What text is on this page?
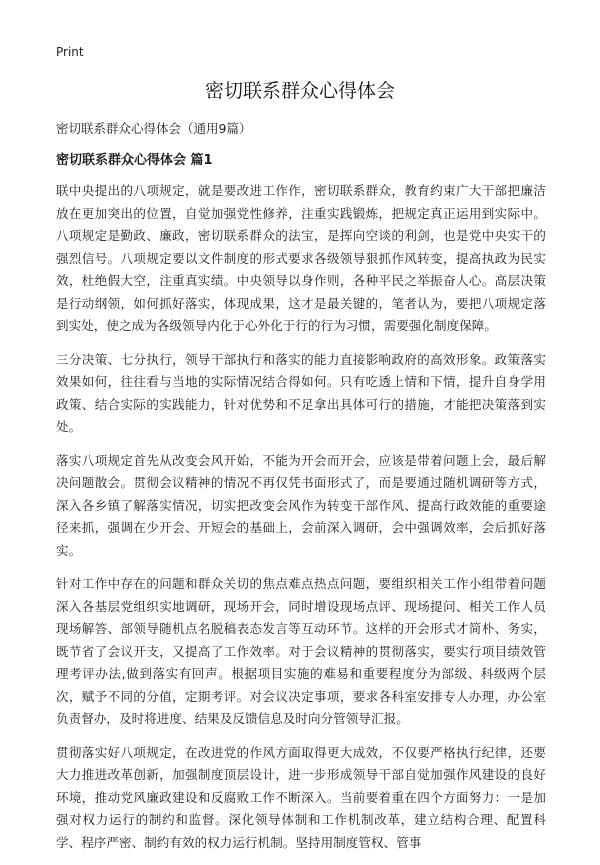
Print
密切联系群众心得体会

密切联系群众心得体会（通用9篇）

密切联系群众心得体会 篇1

联中央提出的八项规定，就是要改进工作作，密切联系群众，教育约束广大干部把廉洁放在更加突出的位置，自觉加强党性修养，注重实践锻炼，把规定真正运用到实际中。八项规定是勤政、廉政，密切联系群众的法宝，是挥向空谈的利剑，也是党中央实干的强烈信号。八项规定要以文件制度的形式要求各级领导狠抓作风转变，提高执政为民实效，杜绝假大空，注重真实绩。中央领导以身作则，各种平民之举振奋人心。高层决策是行动纲领，如何抓好落实，体现成果，这才是最关键的，笔者认为，要把八项规定落到实处，使之成为各级领导内化于心外化于行的行为习惯，需要强化制度保障。

三分决策、七分执行，领导干部执行和落实的能力直接影响政府的高效形象。政策落实效果如何，往往看与当地的实际情况结合得如何。只有吃透上情和下情，提升自身学用政策、结合实际的实践能力，针对优势和不足拿出具体可行的措施，才能把决策落到实处。

落实八项规定首先从改变会风开始，不能为开会而开会，应该是带着问题上会，最后解决问题散会。贯彻会议精神的情况不再仅凭书面形式了，而是要通过随机调研等方式，深入各乡镇了解落实情况，切实把改变会风作为转变干部作风、提高行政效能的重要途径来抓，强调在少开会、开短会的基础上，会前深入调研，会中强调效率，会后抓好落实。

针对工作中存在的问题和群众关切的焦点难点热点问题，要组织相关工作小组带着问题深入各基层党组织实地调研，现场开会，同时增设现场点评、现场提问、相关工作人员现场解答、部领导随机点名脱稿表态发言等互动环节。这样的开会形式才简朴、务实，既节省了会议开支，又提高了工作效率。对于会议精神的贯彻落实，要实行项目绩效管理考评办法,做到落实有回声。根据项目实施的难易和重要程度分为部级、科级两个层次，赋予不同的分值，定期考评。对会议决定事项，要求各科室安排专人办理，办公室负责督办，及时将进度、结果及反馈信息及时向分管领导汇报。

贯彻落实好八项规定，在改进党的作风方面取得更大成效，不仅要严格执行纪律，还要大力推进改革创新，加强制度顶层设计，进一步形成领导干部自觉加强作风建设的良好环境，推动党风廉政建设和反腐败工作不断深入。当前要着重在四个方面努力：一是加强对权力运行的制约和监督。深化领导体制和工作机制改革，建立结构合理、配置科学、程序严密、制约有效的权力运行机制。坚持用制度管权、管事
